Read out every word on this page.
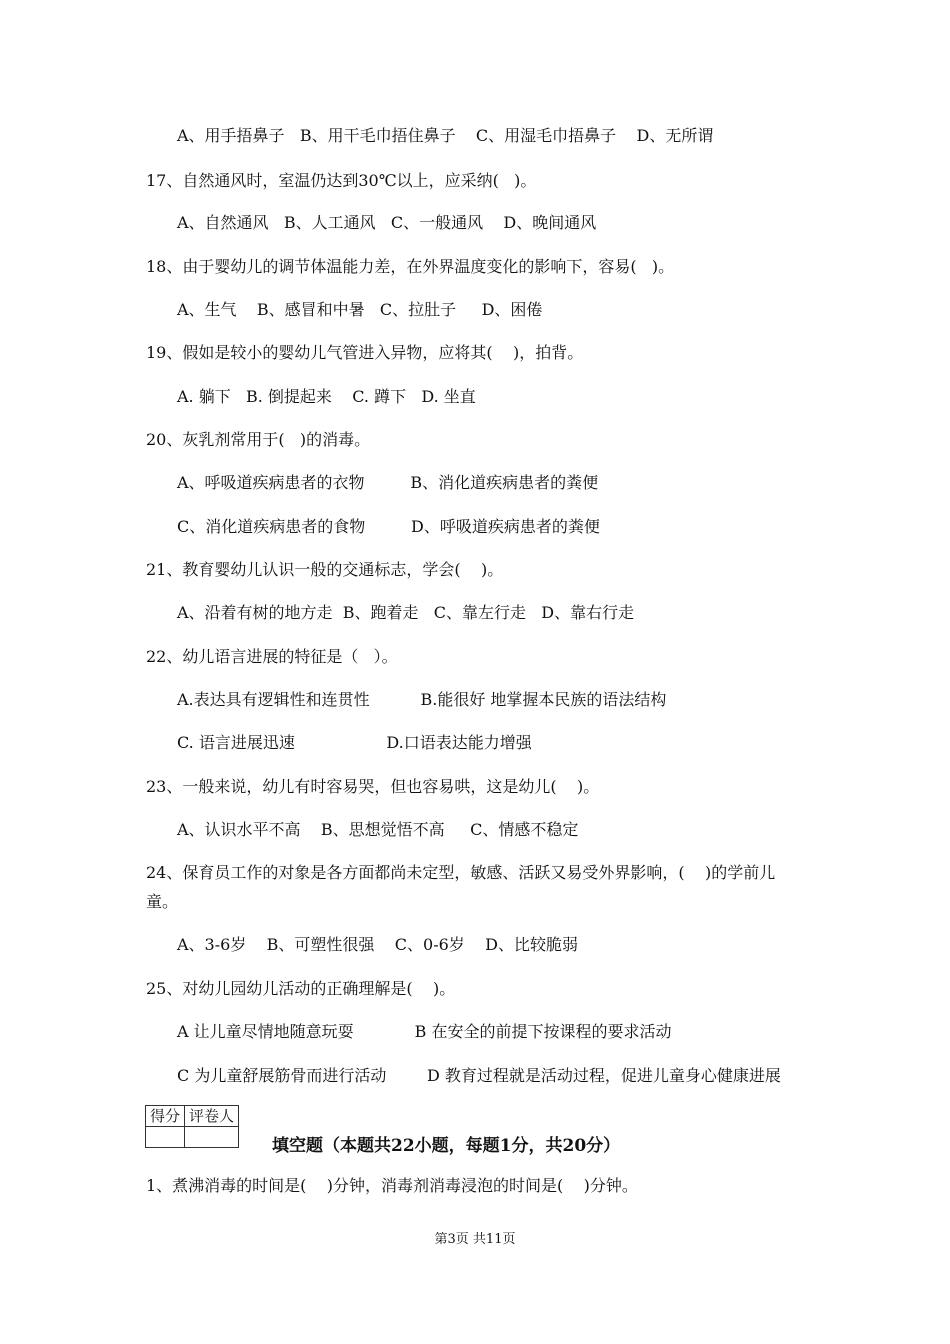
A、用手捂鼻子   B、用干毛巾捂住鼻子    C、用湿毛巾捂鼻子    D、无所谓
17、自然通风时，室温仍达到30℃以上，应采纳(   )。
A、自然通风   B、人工通风   C、一般通风    D、晚间通风
18、由于婴幼儿的调节体温能力差，在外界温度变化的影响下，容易(   )。
A、生气    B、感冒和中暑   C、拉肚子     D、困倦
19、假如是较小的婴幼儿气管进入异物，应将其(    )，拍背。
A. 躺下   B. 倒提起来    C. 蹲下   D. 坐直
20、灰乳剂常用于(   )的消毒。
A、呼吸道疾病患者的衣物         B、消化道疾病患者的粪便
C、消化道疾病患者的食物         D、呼吸道疾病患者的粪便
21、教育婴幼儿认识一般的交通标志，学会(    )。
A、沿着有树的地方走  B、跑着走   C、靠左行走   D、靠右行走
22、幼儿语言进展的特征是（   ）。
A.表达具有逻辑性和连贯性          B.能很好 地掌握本民族的语法结构
C. 语言进展迅速                  D.口语表达能力增强
23、一般来说，幼儿有时容易哭，但也容易哄，这是幼儿(    )。
A、认识水平不高    B、思想觉悟不高     C、情感不稳定
24、保育员工作的对象是各方面都尚未定型，敏感、活跃又易受外界影响，(    )的学前儿
童。
A、3-6岁    B、可塑性很强    C、0-6岁    D、比较脆弱
25、对幼儿园幼儿活动的正确理解是(    )。
A 让儿童尽情地随意玩耍            B 在安全的前提下按课程的要求活动
C 为儿童舒展筋骨而进行活动        D 教育过程就是活动过程，促进儿童身心健康进展
1、煮沸消毒的时间是(    )分钟，消毒剂消毒浸泡的时间是(    )分钟。
得分	评卷人

填空题（本题共22小题，每题1分，共20分）
第3页 共11页
